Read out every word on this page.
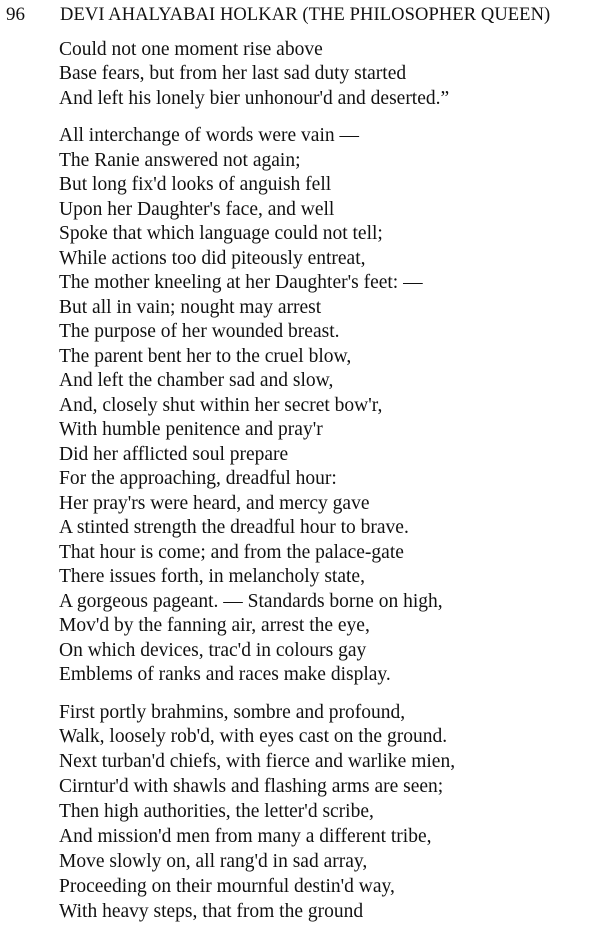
96 DEVI AHALYABAI HOLKAR (THE PHILOSOPHER QUEEN)
Could not one moment rise above
Base fears, but from her last sad duty started
And left his lonely bier unhonour'd and deserted.”
All interchange of words were vain —
The Ranie answered not again;
But long fix'd looks of anguish fell
Upon her Daughter's face, and well
Spoke that which language could not tell;
While actions too did piteously entreat,
The mother kneeling at her Daughter's feet: —
But all in vain; nought may arrest
The purpose of her wounded breast.
The parent bent her to the cruel blow,
And left the chamber sad and slow,
And, closely shut within her secret bow'r,
With humble penitence and pray'r
Did her afflicted soul prepare
For the approaching, dreadful hour:
Her pray'rs were heard, and mercy gave
A stinted strength the dreadful hour to brave.
That hour is come; and from the palace-gate
There issues forth, in melancholy state,
A gorgeous pageant. — Standards borne on high,
Mov'd by the fanning air, arrest the eye,
On which devices, trac'd in colours gay
Emblems of ranks and races make display.
First portly brahmins, sombre and profound,
Walk, loosely rob'd, with eyes cast on the ground.
Next turban'd chiefs, with fierce and warlike mien,
Cirntur'd with shawls and flashing arms are seen;
Then high authorities, the letter'd scribe,
And mission'd men from many a different tribe,
Move slowly on, all rang'd in sad array,
Proceeding on their mournful destin'd way,
With heavy steps, that from the ground
